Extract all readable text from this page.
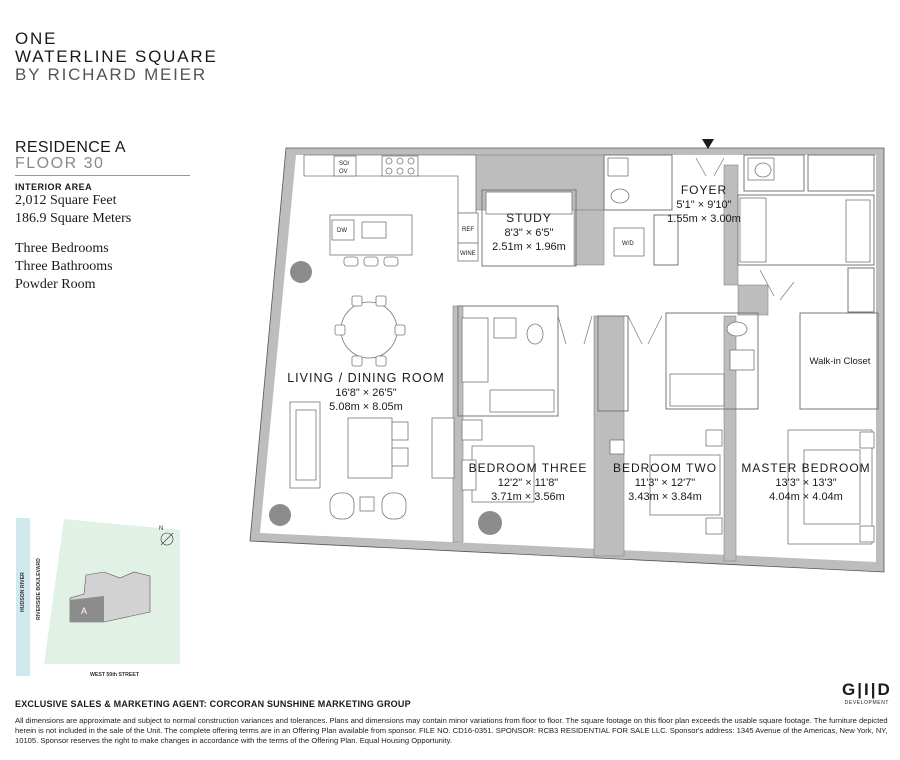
ONE
WATERLINE SQUARE
BY RICHARD MEIER
RESIDENCE A
FLOOR 30
INTERIOR AREA
2,012 Square Feet
186.9 Square Meters
Three Bedrooms
Three Bathrooms
Powder Room
SO/
OV
DW	REF
WINE
W/D
LIVING / DINING ROOM
16'8" × 26'5"
5.08m × 8.05m
STUDY
8'3" × 6'5"
2.51m × 1.96m
FOYER
5'1" × 9'10"
1.55m × 3.00m
BEDROOM THREE
12'2" × 11'8"
3.71m × 3.56m
BEDROOM TWO
11'3" × 12'7"
3.43m × 3.84m
MASTER BEDROOM
13'3" × 13'3"
4.04m × 4.04m
Walk-in Closet
A
N
HUDSON RIVER RIVERSIDE BOULEVARD
WEST 59th STREET
G|I|D
DEVELOPMENT
EXCLUSIVE SALES & MARKETING AGENT: CORCORAN SUNSHINE MARKETING GROUP
All dimensions are approximate and subject to normal construction variances and tolerances. Plans and dimensions may contain minor variations from floor to floor. The square footage on this floor plan exceeds the usable square footage. The furniture depicted herein is not included in the sale of the Unit. The complete offering terms are in an Offering Plan available from sponsor. FILE NO. CD16-0351. SPONSOR: RCB3 RESIDENTIAL FOR SALE LLC. Sponsor's address: 1345 Avenue of the Americas, New York, NY, 10105. Sponsor reserves the right to make changes in accordance with the terms of the Offering Plan. Equal Housing Opportunity.
